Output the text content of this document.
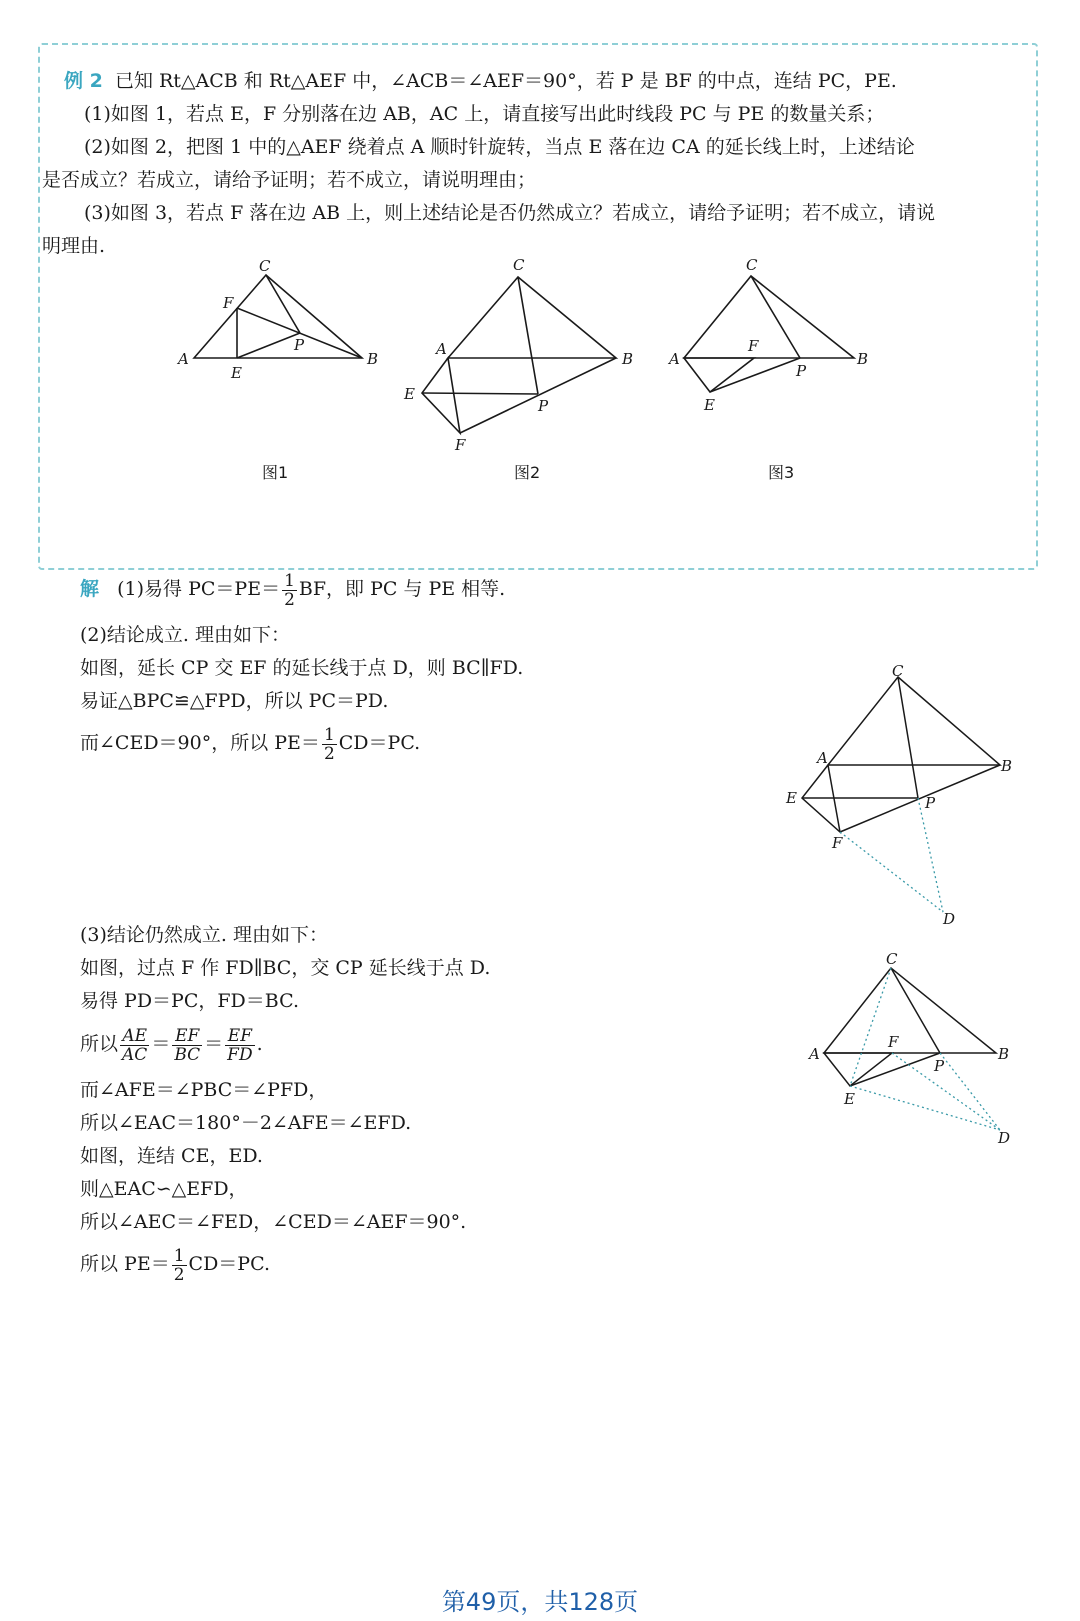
例 2 已知 Rt△ACB 和 Rt△AEF 中，∠ACB＝∠AEF＝90°，若 P 是 BF 的中点，连结 PC，PE.
(1)如图 1，若点 E，F 分别落在边 AB，AC 上，请直接写出此时线段 PC 与 PE 的数量关系；
(2)如图 2，把图 1 中的△AEF 绕着点 A 顺时针旋转，当点 E 落在边 CA 的延长线上时，上述结论
是否成立？若成立，请给予证明；若不成立，请说明理由；
(3)如图 3，若点 F 落在边 AB 上，则上述结论是否仍然成立？若成立，请给予证明；若不成立，请说
明理由.
C
F
A
E
P
B
图1
C
A
B
E
P
F
图2
C
A
F
B
P
E
图3
解 (1)易得 $PC=PE= \frac{1}{2}$ BF，即 PC 与 PE 相等.
(2)结论成立. 理由如下：
如图，延长 CP 交 EF 的延长线于点 D，则 BC∥FD.
易证△BPC≌△FPD，所以 PC＝PD.
而∠CED＝90°，所以 $PE= \frac{1}{2} CD=PC$.
C
A	B
E	P
F
D
(3)结论仍然成立. 理由如下：
如图，过点 F 作 FD∥BC，交 CP 延长线于点 D.
易得 PD＝PC，FD＝BC.
所以 $\frac{AE}{AC} = \frac{EF}{BC} = \frac{EF}{FD}$ .
而∠AFE＝∠PBC＝∠PFD，
所以∠EAC＝180°－2∠AFE＝∠EFD.
如图，连结 CE，ED.
则△EAC∽△EFD，
所以∠AEC＝∠FED，∠CED＝∠AEF＝90°.
所以 $PE= \frac{1}{2} CD=PC$.
C
A
F
B
P
E
D
第49页，共128页
